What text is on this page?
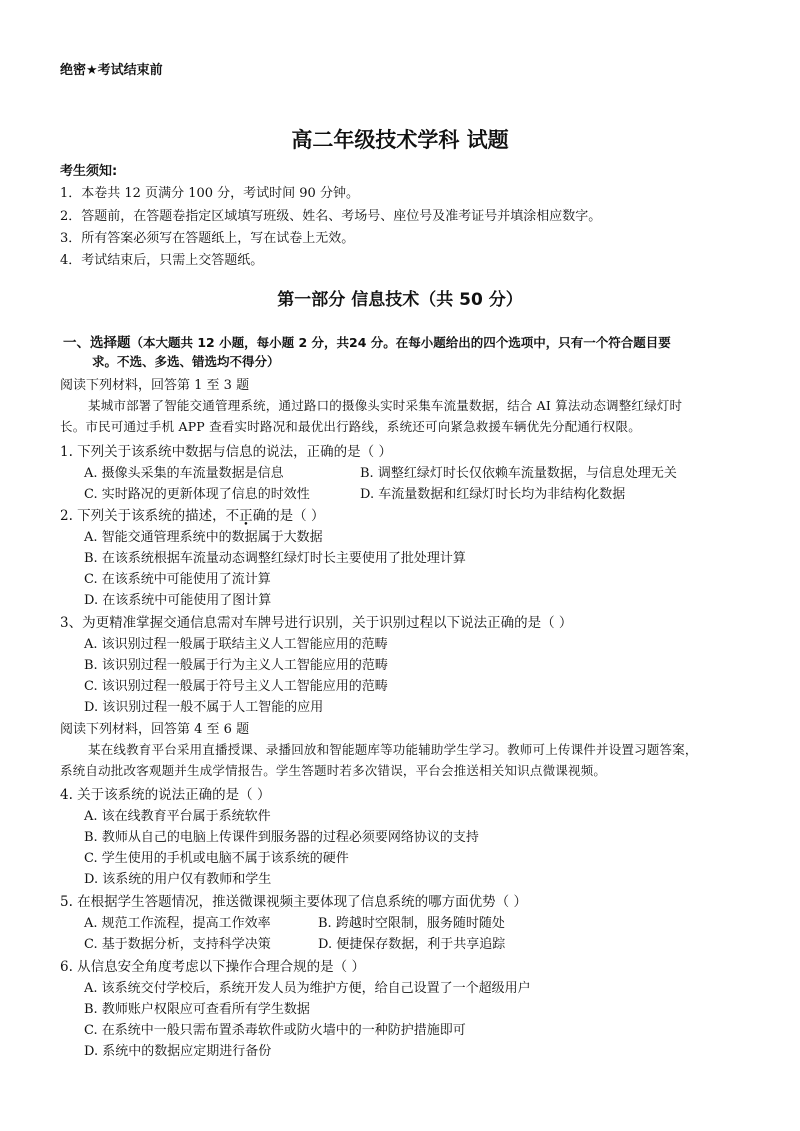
绝密★考试结束前
高二年级技术学科 试题
考生须知:
1．本卷共 12 页满分 100 分，考试时间 90 分钟。
2．答题前，在答题卷指定区域填写班级、姓名、考场号、座位号及准考证号并填涂相应数字。
3．所有答案必须写在答题纸上，写在试卷上无效。
4．考试结束后，只需上交答题纸。
第一部分 信息技术（共 50 分）
一、选择题（本大题共 12 小题，每小题 2 分，共24 分。在每小题给出的四个选项中，只有一个符合题目要
求。不选、多选、错选均不得分）
阅读下列材料，回答第 1 至 3 题
某城市部署了智能交通管理系统，通过路口的摄像头实时采集车流量数据，结合 AI 算法动态调整红绿灯时
长。市民可通过手机 APP 查看实时路况和最优出行路线，系统还可向紧急救援车辆优先分配通行权限。
1. 下列关于该系统中数据与信息的说法，正确的是（ ）
A. 摄像头采集的车流量数据是信息	B. 调整红绿灯时长仅依赖车流量数据，与信息处理无关
C. 实时路况的更新体现了信息的时效性	D. 车流量数据和红绿灯时长均为非结构化数据
2. 下列关于该系统的描述，不正确的是（ ）
A. 智能交通管理系统中的数据属于大数据
B. 在该系统根据车流量动态调整红绿灯时长主要使用了批处理计算
C. 在该系统中可能使用了流计算
D. 在该系统中可能使用了图计算
3、为更精准掌握交通信息需对车牌号进行识别，关于识别过程以下说法正确的是（ ）
A. 该识别过程一般属于联结主义人工智能应用的范畴
B. 该识别过程一般属于行为主义人工智能应用的范畴
C. 该识别过程一般属于符号主义人工智能应用的范畴
D. 该识别过程一般不属于人工智能的应用
阅读下列材料，回答第 4 至 6 题
某在线教育平台采用直播授课、录播回放和智能题库等功能辅助学生学习。教师可上传课件并设置习题答案，
系统自动批改客观题并生成学情报告。学生答题时若多次错误，平台会推送相关知识点微课视频。
4. 关于该系统的说法正确的是（ ）
A. 该在线教育平台属于系统软件
B. 教师从自己的电脑上传课件到服务器的过程必须要网络协议的支持
C. 学生使用的手机或电脑不属于该系统的硬件
D. 该系统的用户仅有教师和学生
5. 在根据学生答题情况，推送微课视频主要体现了信息系统的哪方面优势（ ）
A. 规范工作流程，提高工作效率	B. 跨越时空限制，服务随时随处
C. 基于数据分析，支持科学决策	D. 便捷保存数据，利于共享追踪
6. 从信息安全角度考虑以下操作合理合规的是（ ）
A. 该系统交付学校后，系统开发人员为维护方便，给自己设置了一个超级用户
B. 教师账户权限应可查看所有学生数据
C. 在系统中一般只需布置杀毒软件或防火墙中的一种防护措施即可
D. 系统中的数据应定期进行备份
